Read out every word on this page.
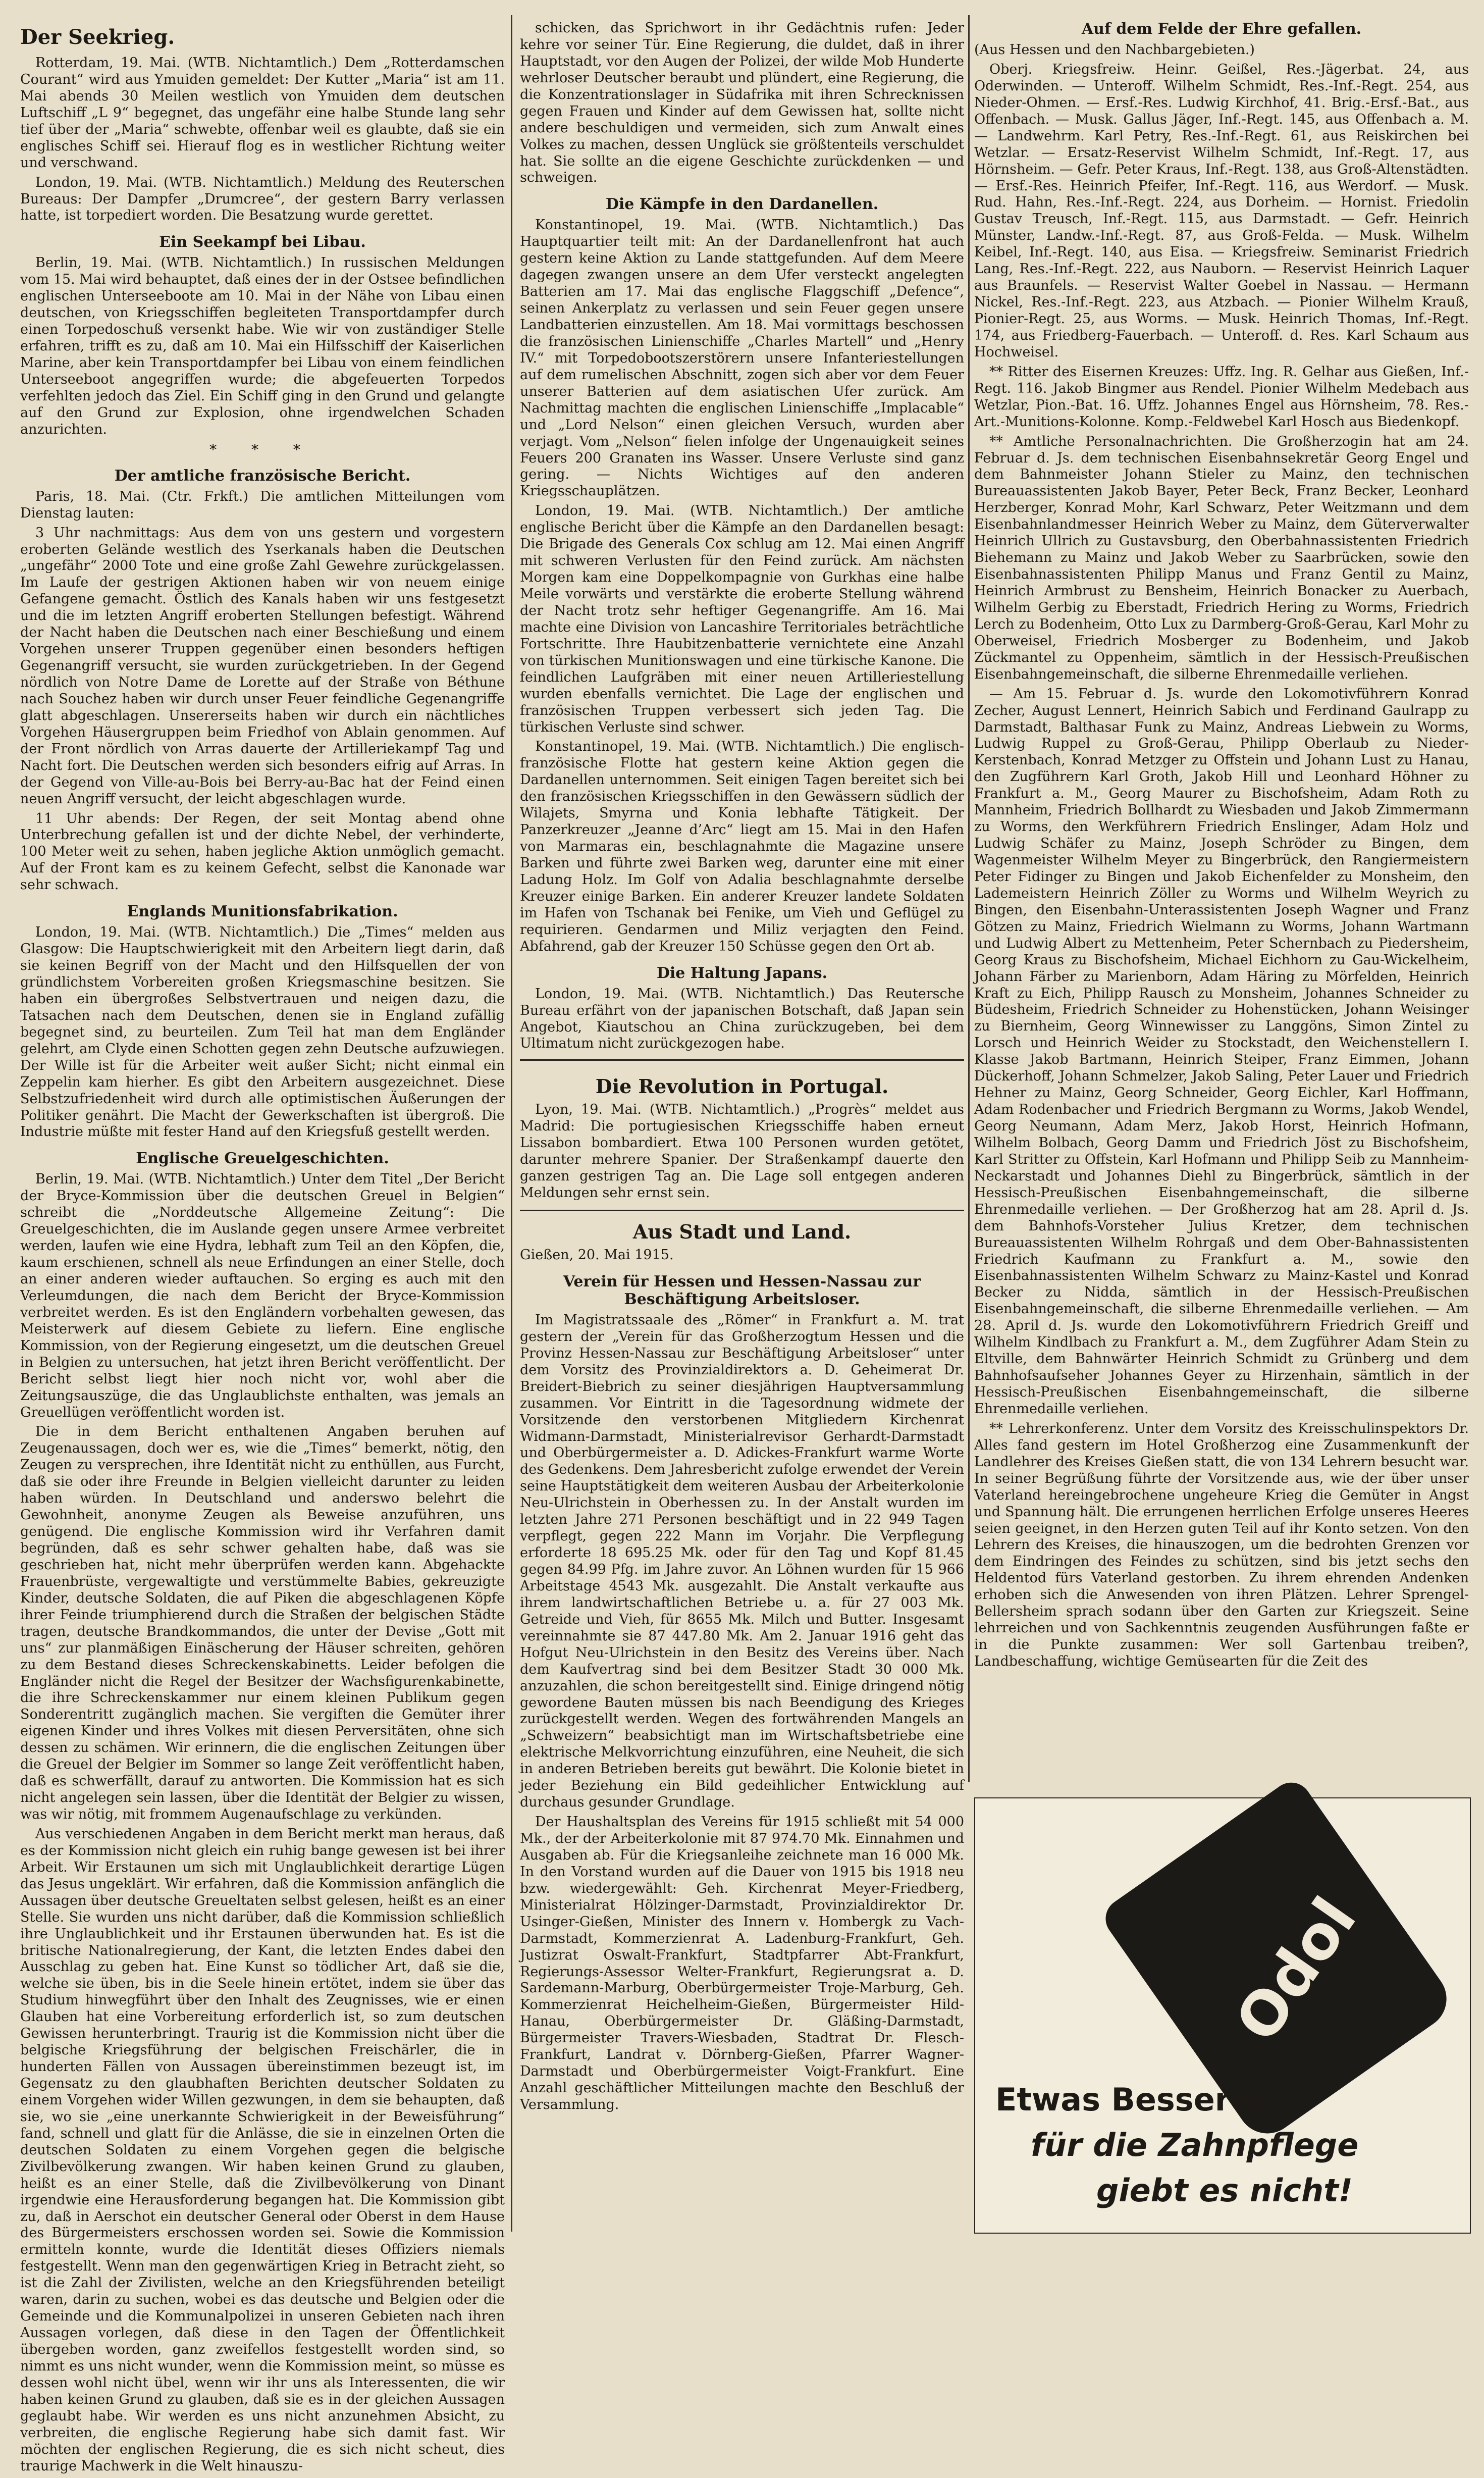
Der Seekrieg.

Rotterdam, 19. Mai. (WTB. Nichtamtlich.) Dem „Rotterdamschen Courant“ wird aus Ymuiden gemeldet: Der Kutter „Maria“ ist am 11. Mai abends 30 Meilen westlich von Ymuiden dem deutschen Luftschiff „L 9“ begegnet, das ungefähr eine halbe Stunde lang sehr tief über der „Maria“ schwebte, offenbar weil es glaubte, daß sie ein englisches Schiff sei. Hierauf flog es in westlicher Richtung weiter und verschwand.

London, 19. Mai. (WTB. Nichtamtlich.) Meldung des Reuterschen Bureaus: Der Dampfer „Drumcree“, der gestern Barry verlassen hatte, ist torpediert worden. Die Besatzung wurde gerettet.

Ein Seekampf bei Libau.

Berlin, 19. Mai. (WTB. Nichtamtlich.) In russischen Meldungen vom 15. Mai wird behauptet, daß eines der in der Ostsee befindlichen englischen Unterseeboote am 10. Mai in der Nähe von Libau einen deutschen, von Kriegsschiffen begleiteten Transportdampfer durch einen Torpedoschuß versenkt habe. Wie wir von zuständiger Stelle erfahren, trifft es zu, daß am 10. Mai ein Hilfsschiff der Kaiserlichen Marine, aber kein Transportdampfer bei Libau von einem feindlichen Unterseeboot angegriffen wurde; die abgefeuerten Torpedos verfehlten jedoch das Ziel. Ein Schiff ging in den Grund und gelangte auf den Grund zur Explosion, ohne irgendwelchen Schaden anzurichten.

* * *
Der amtliche französische Bericht.

Paris, 18. Mai. (Ctr. Frkft.) Die amtlichen Mitteilungen vom Dienstag lauten:

3 Uhr nachmittags: Aus dem von uns gestern und vorgestern eroberten Gelände westlich des Yserkanals haben die Deutschen „ungefähr“ 2000 Tote und eine große Zahl Gewehre zurückgelassen. Im Laufe der gestrigen Aktionen haben wir von neuem einige Gefangene gemacht. Östlich des Kanals haben wir uns festgesetzt und die im letzten Angriff eroberten Stellungen befestigt. Während der Nacht haben die Deutschen nach einer Beschießung und einem Vorgehen unserer Truppen gegenüber einen besonders heftigen Gegenangriff versucht, sie wurden zurückgetrieben. In der Gegend nördlich von Notre Dame de Lorette auf der Straße von Béthune nach Souchez haben wir durch unser Feuer feindliche Gegenangriffe glatt abgeschlagen. Unsererseits haben wir durch ein nächtliches Vorgehen Häusergruppen beim Friedhof von Ablain genommen. Auf der Front nördlich von Arras dauerte der Artilleriekampf Tag und Nacht fort. Die Deutschen werden sich besonders eifrig auf Arras. In der Gegend von Ville-au-Bois bei Berry-au-Bac hat der Feind einen neuen Angriff versucht, der leicht abgeschlagen wurde.

11 Uhr abends: Der Regen, der seit Montag abend ohne Unterbrechung gefallen ist und der dichte Nebel, der verhinderte, 100 Meter weit zu sehen, haben jegliche Aktion unmöglich gemacht. Auf der Front kam es zu keinem Gefecht, selbst die Kanonade war sehr schwach.

Englands Munitionsfabrikation.

London, 19. Mai. (WTB. Nichtamtlich.) Die „Times“ melden aus Glasgow: Die Hauptschwierigkeit mit den Arbeitern liegt darin, daß sie keinen Begriff von der Macht und den Hilfsquellen der von gründlichstem Vorbereiten großen Kriegsmaschine besitzen. Sie haben ein übergroßes Selbstvertrauen und neigen dazu, die Tatsachen nach dem Deutschen, denen sie in England zufällig begegnet sind, zu beurteilen. Zum Teil hat man dem Engländer gelehrt, am Clyde einen Schotten gegen zehn Deutsche aufzuwiegen. Der Wille ist für die Arbeiter weit außer Sicht; nicht einmal ein Zeppelin kam hierher. Es gibt den Arbeitern ausgezeichnet. Diese Selbstzufriedenheit wird durch alle optimistischen Äußerungen der Politiker genährt. Die Macht der Gewerkschaften ist übergroß. Die Industrie müßte mit fester Hand auf den Kriegsfuß gestellt werden.

Englische Greuelgeschichten.

Berlin, 19. Mai. (WTB. Nichtamtlich.) Unter dem Titel „Der Bericht der Bryce-Kommission über die deutschen Greuel in Belgien“ schreibt die „Norddeutsche Allgemeine Zeitung“: Die Greuelgeschichten, die im Auslande gegen unsere Armee verbreitet werden, laufen wie eine Hydra, lebhaft zum Teil an den Köpfen, die, kaum erschienen, schnell als neue Erfindungen an einer Stelle, doch an einer anderen wieder auftauchen. So erging es auch mit den Verleumdungen, die nach dem Bericht der Bryce-Kommission verbreitet werden. Es ist den Engländern vorbehalten gewesen, das Meisterwerk auf diesem Gebiete zu liefern. Eine englische Kommission, von der Regierung eingesetzt, um die deutschen Greuel in Belgien zu untersuchen, hat jetzt ihren Bericht veröffentlicht. Der Bericht selbst liegt hier noch nicht vor, wohl aber die Zeitungsauszüge, die das Unglaublichste enthalten, was jemals an Greuellügen veröffentlicht worden ist.

Die in dem Bericht enthaltenen Angaben beruhen auf Zeugenaussagen, doch wer es, wie die „Times“ bemerkt, nötig, den Zeugen zu versprechen, ihre Identität nicht zu enthüllen, aus Furcht, daß sie oder ihre Freunde in Belgien vielleicht darunter zu leiden haben würden. In Deutschland und anderswo belehrt die Gewohnheit, anonyme Zeugen als Beweise anzuführen, uns genügend. Die englische Kommission wird ihr Verfahren damit begründen, daß es sehr schwer gehalten habe, daß was sie geschrieben hat, nicht mehr überprüfen werden kann. Abgehackte Frauenbrüste, vergewaltigte und verstümmelte Babies, gekreuzigte Kinder, deutsche Soldaten, die auf Piken die abgeschlagenen Köpfe ihrer Feinde triumphierend durch die Straßen der belgischen Städte tragen, deutsche Brandkommandos, die unter der Devise „Gott mit uns“ zur planmäßigen Einäscherung der Häuser schreiten, gehören zu dem Bestand dieses Schreckenskabinetts. Leider befolgen die Engländer nicht die Regel der Besitzer der Wachsfigurenkabinette, die ihre Schreckenskammer nur einem kleinen Publikum gegen Sonderentritt zugänglich machen. Sie vergiften die Gemüter ihrer eigenen Kinder und ihres Volkes mit diesen Perversitäten, ohne sich dessen zu schämen. Wir erinnern, die die englischen Zeitungen über die Greuel der Belgier im Sommer so lange Zeit veröffentlicht haben, daß es schwerfällt, darauf zu antworten. Die Kommission hat es sich nicht angelegen sein lassen, über die Identität der Belgier zu wissen, was wir nötig, mit frommem Augenaufschlage zu verkünden.

Aus verschiedenen Angaben in dem Bericht merkt man heraus, daß es der Kommission nicht gleich ein ruhig bange gewesen ist bei ihrer Arbeit. Wir Erstaunen um sich mit Unglaublichkeit derartige Lügen das Jesus ungeklärt. Wir erfahren, daß die Kommission anfänglich die Aussagen über deutsche Greueltaten selbst gelesen, heißt es an einer Stelle. Sie wurden uns nicht darüber, daß die Kommission schließlich ihre Unglaublichkeit und ihr Erstaunen überwunden hat. Es ist die britische Nationalregierung, der Kant, die letzten Endes dabei den Ausschlag zu geben hat. Eine Kunst so tödlicher Art, daß sie die, welche sie üben, bis in die Seele hinein ertötet, indem sie über das Studium hinwegführt über den Inhalt des Zeugnisses, wie er einen Glauben hat eine Vorbereitung erforderlich ist, so zum deutschen Gewissen herunterbringt. Traurig ist die Kommission nicht über die belgische Kriegsführung der belgischen Freischärler, die in hunderten Fällen von Aussagen übereinstimmen bezeugt ist, im Gegensatz zu den glaubhaften Berichten deutscher Soldaten zu einem Vorgehen wider Willen gezwungen, in dem sie behaupten, daß sie, wo sie „eine unerkannte Schwierigkeit in der Beweisführung“ fand, schnell und glatt für die Anlässe, die sie in einzelnen Orten die deutschen Soldaten zu einem Vorgehen gegen die belgische Zivilbevölkerung zwangen. Wir haben keinen Grund zu glauben, heißt es an einer Stelle, daß die Zivilbevölkerung von Dinant irgendwie eine Herausforderung begangen hat. Die Kommission gibt zu, daß in Aerschot ein deutscher General oder Oberst in dem Hause des Bürgermeisters erschossen worden sei. Sowie die Kommission ermitteln konnte, wurde die Identität dieses Offiziers niemals festgestellt. Wenn man den gegenwärtigen Krieg in Betracht zieht, so ist die Zahl der Zivilisten, welche an den Kriegsführenden beteiligt waren, darin zu suchen, wobei es das deutsche und Belgien oder die Gemeinde und die Kommunalpolizei in unseren Gebieten nach ihren Aussagen vorlegen, daß diese in den Tagen der Öffentlichkeit übergeben worden, ganz zweifellos festgestellt worden sind, so nimmt es uns nicht wunder, wenn die Kommission meint, so müsse es dessen wohl nicht übel, wenn wir ihr uns als Interessenten, die wir haben keinen Grund zu glauben, daß sie es in der gleichen Aussagen geglaubt habe. Wir werden es uns nicht anzunehmen Absicht, zu verbreiten, die englische Regierung habe sich damit fast. Wir möchten der englischen Regierung, die es sich nicht scheut, dies traurige Machwerk in die Welt hinauszu-

schicken, das Sprichwort in ihr Gedächtnis rufen: Jeder kehre vor seiner Tür. Eine Regierung, die duldet, daß in ihrer Hauptstadt, vor den Augen der Polizei, der wilde Mob Hunderte wehrloser Deutscher beraubt und plündert, eine Regierung, die die Konzentrationslager in Südafrika mit ihren Schrecknissen gegen Frauen und Kinder auf dem Gewissen hat, sollte nicht andere beschuldigen und vermeiden, sich zum Anwalt eines Volkes zu machen, dessen Unglück sie größtenteils verschuldet hat. Sie sollte an die eigene Geschichte zurückdenken — und schweigen.

Die Kämpfe in den Dardanellen.

Konstantinopel, 19. Mai. (WTB. Nichtamtlich.) Das Hauptquartier teilt mit: An der Dardanellenfront hat auch gestern keine Aktion zu Lande stattgefunden. Auf dem Meere dagegen zwangen unsere an dem Ufer versteckt angelegten Batterien am 17. Mai das englische Flaggschiff „Defence“, seinen Ankerplatz zu verlassen und sein Feuer gegen unsere Landbatterien einzustellen. Am 18. Mai vormittags beschossen die französischen Linienschiffe „Charles Martell“ und „Henry IV.“ mit Torpedobootszerstörern unsere Infanteriestellungen auf dem rumelischen Abschnitt, zogen sich aber vor dem Feuer unserer Batterien auf dem asiatischen Ufer zurück. Am Nachmittag machten die englischen Linienschiffe „Implacable“ und „Lord Nelson“ einen gleichen Versuch, wurden aber verjagt. Vom „Nelson“ fielen infolge der Ungenauigkeit seines Feuers 200 Granaten ins Wasser. Unsere Verluste sind ganz gering. — Nichts Wichtiges auf den anderen Kriegsschauplätzen.

London, 19. Mai. (WTB. Nichtamtlich.) Der amtliche englische Bericht über die Kämpfe an den Dardanellen besagt: Die Brigade des Generals Cox schlug am 12. Mai einen Angriff mit schweren Verlusten für den Feind zurück. Am nächsten Morgen kam eine Doppelkompagnie von Gurkhas eine halbe Meile vorwärts und verstärkte die eroberte Stellung während der Nacht trotz sehr heftiger Gegenangriffe. Am 16. Mai machte eine Division von Lancashire Territoriales beträchtliche Fortschritte. Ihre Haubitzenbatterie vernichtete eine Anzahl von türkischen Munitionswagen und eine türkische Kanone. Die feindlichen Laufgräben mit einer neuen Artilleriestellung wurden ebenfalls vernichtet. Die Lage der englischen und französischen Truppen verbessert sich jeden Tag. Die türkischen Verluste sind schwer.

Konstantinopel, 19. Mai. (WTB. Nichtamtlich.) Die englisch-französische Flotte hat gestern keine Aktion gegen die Dardanellen unternommen. Seit einigen Tagen bereitet sich bei den französischen Kriegsschiffen in den Gewässern südlich der Wilajets, Smyrna und Konia lebhafte Tätigkeit. Der Panzerkreuzer „Jeanne d’Arc“ liegt am 15. Mai in den Hafen von Marmaras ein, beschlagnahmte die Magazine unsere Barken und führte zwei Barken weg, darunter eine mit einer Ladung Holz. Im Golf von Adalia beschlagnahmte derselbe Kreuzer einige Barken. Ein anderer Kreuzer landete Soldaten im Hafen von Tschanak bei Fenike, um Vieh und Geflügel zu requirieren. Gendarmen und Miliz verjagten den Feind. Abfahrend, gab der Kreuzer 150 Schüsse gegen den Ort ab.

Die Haltung Japans.

London, 19. Mai. (WTB. Nichtamtlich.) Das Reutersche Bureau erfährt von der japanischen Botschaft, daß Japan sein Angebot, Kiautschou an China zurückzugeben, bei dem Ultimatum nicht zurückgezogen habe.

Die Revolution in Portugal.

Lyon, 19. Mai. (WTB. Nichtamtlich.) „Progrès“ meldet aus Madrid: Die portugiesischen Kriegsschiffe haben erneut Lissabon bombardiert. Etwa 100 Personen wurden getötet, darunter mehrere Spanier. Der Straßenkampf dauerte den ganzen gestrigen Tag an. Die Lage soll entgegen anderen Meldungen sehr ernst sein.

Aus Stadt und Land.

Gießen, 20. Mai 1915.

Verein für Hessen und Hessen-Nassau zur Beschäftigung Arbeitsloser.

Im Magistratssaale des „Römer“ in Frankfurt a. M. trat gestern der „Verein für das Großherzogtum Hessen und die Provinz Hessen-Nassau zur Beschäftigung Arbeitsloser“ unter dem Vorsitz des Provinzialdirektors a. D. Geheimerat Dr. Breidert-Biebrich zu seiner diesjährigen Hauptversammlung zusammen. Vor Eintritt in die Tagesordnung widmete der Vorsitzende den verstorbenen Mitgliedern Kirchenrat Widmann-Darmstadt, Ministerialrevisor Gerhardt-Darmstadt und Oberbürgermeister a. D. Adickes-Frankfurt warme Worte des Gedenkens. Dem Jahresbericht zufolge erwendet der Verein seine Hauptstätigkeit dem weiteren Ausbau der Arbeiterkolonie Neu-Ulrichstein in Oberhessen zu. In der Anstalt wurden im letzten Jahre 271 Personen beschäftigt und in 22 949 Tagen verpflegt, gegen 222 Mann im Vorjahr. Die Verpflegung erforderte 18 695.25 Mk. oder für den Tag und Kopf 81.45 gegen 84.99 Pfg. im Jahre zuvor. An Löhnen wurden für 15 966 Arbeitstage 4543 Mk. ausgezahlt. Die Anstalt verkaufte aus ihrem landwirtschaftlichen Betriebe u. a. für 27 003 Mk. Getreide und Vieh, für 8655 Mk. Milch und Butter. Insgesamt vereinnahmte sie 87 447.80 Mk. Am 2. Januar 1916 geht das Hofgut Neu-Ulrichstein in den Besitz des Vereins über. Nach dem Kaufvertrag sind bei dem Besitzer Stadt 30 000 Mk. anzuzahlen, die schon bereitgestellt sind. Einige dringend nötig gewordene Bauten müssen bis nach Beendigung des Krieges zurückgestellt werden. Wegen des fortwährenden Mangels an „Schweizern“ beabsichtigt man im Wirtschaftsbetriebe eine elektrische Melkvorrichtung einzuführen, eine Neuheit, die sich in anderen Betrieben bereits gut bewährt. Die Kolonie bietet in jeder Beziehung ein Bild gedeihlicher Entwicklung auf durchaus gesunder Grundlage.

Der Haushaltsplan des Vereins für 1915 schließt mit 54 000 Mk., der der Arbeiterkolonie mit 87 974.70 Mk. Einnahmen und Ausgaben ab. Für die Kriegsanleihe zeichnete man 16 000 Mk. In den Vorstand wurden auf die Dauer von 1915 bis 1918 neu bzw. wiedergewählt: Geh. Kirchenrat Meyer-Friedberg, Ministerialrat Hölzinger-Darmstadt, Provinzialdirektor Dr. Usinger-Gießen, Minister des Innern v. Hombergk zu Vach-Darmstadt, Kommerzienrat A. Ladenburg-Frankfurt, Geh. Justizrat Oswalt-Frankfurt, Stadtpfarrer Abt-Frankfurt, Regierungs-Assessor Welter-Frankfurt, Regierungsrat a. D. Sardemann-Marburg, Oberbürgermeister Troje-Marburg, Geh. Kommerzienrat Heichelheim-Gießen, Bürgermeister Hild-Hanau, Oberbürgermeister Dr. Gläßing-Darmstadt, Bürgermeister Travers-Wiesbaden, Stadtrat Dr. Flesch-Frankfurt, Landrat v. Dörnberg-Gießen, Pfarrer Wagner-Darmstadt und Oberbürgermeister Voigt-Frankfurt. Eine Anzahl geschäftlicher Mitteilungen machte den Beschluß der Versammlung.

Auf dem Felde der Ehre gefallen.

(Aus Hessen und den Nachbargebieten.)

Oberj. Kriegsfreiw. Heinr. Geißel, Res.-Jägerbat. 24, aus Oderwinden. — Unteroff. Wilhelm Schmidt, Res.-Inf.-Regt. 254, aus Nieder-Ohmen. — Ersf.-Res. Ludwig Kirchhof, 41. Brig.-Ersf.-Bat., aus Offenbach. — Musk. Gallus Jäger, Inf.-Regt. 145, aus Offenbach a. M. — Landwehrm. Karl Petry, Res.-Inf.-Regt. 61, aus Reiskirchen bei Wetzlar. — Ersatz-Reservist Wilhelm Schmidt, Inf.-Regt. 17, aus Hörnsheim. — Gefr. Peter Kraus, Inf.-Regt. 138, aus Groß-Altenstädten. — Ersf.-Res. Heinrich Pfeifer, Inf.-Regt. 116, aus Werdorf. — Musk. Rud. Hahn, Res.-Inf.-Regt. 224, aus Dorheim. — Hornist. Friedolin Gustav Treusch, Inf.-Regt. 115, aus Darmstadt. — Gefr. Heinrich Münster, Landw.-Inf.-Regt. 87, aus Groß-Felda. — Musk. Wilhelm Keibel, Inf.-Regt. 140, aus Eisa. — Kriegsfreiw. Seminarist Friedrich Lang, Res.-Inf.-Regt. 222, aus Nauborn. — Reservist Heinrich Laquer aus Braunfels. — Reservist Walter Goebel in Nassau. — Hermann Nickel, Res.-Inf.-Regt. 223, aus Atzbach. — Pionier Wilhelm Krauß, Pionier-Regt. 25, aus Worms. — Musk. Heinrich Thomas, Inf.-Regt. 174, aus Friedberg-Fauerbach. — Unteroff. d. Res. Karl Schaum aus Hochweisel.

** Ritter des Eisernen Kreuzes: Uffz. Ing. R. Gelhar aus Gießen, Inf.-Regt. 116. Jakob Bingmer aus Rendel. Pionier Wilhelm Medebach aus Wetzlar, Pion.-Bat. 16. Uffz. Johannes Engel aus Hörnsheim, 78. Res.-Art.-Munitions-Kolonne. Komp.-Feldwebel Karl Hosch aus Biedenkopf.

** Amtliche Personalnachrichten. Die Großherzogin hat am 24. Februar d. Js. dem technischen Eisenbahnsekretär Georg Engel und dem Bahnmeister Johann Stieler zu Mainz, den technischen Bureauassistenten Jakob Bayer, Peter Beck, Franz Becker, Leonhard Herzberger, Konrad Mohr, Karl Schwarz, Peter Weitzmann und dem Eisenbahnlandmesser Heinrich Weber zu Mainz, dem Güterverwalter Heinrich Ullrich zu Gustavsburg, den Oberbahnassistenten Friedrich Biehemann zu Mainz und Jakob Weber zu Saarbrücken, sowie den Eisenbahnassistenten Philipp Manus und Franz Gentil zu Mainz, Heinrich Armbrust zu Bensheim, Heinrich Bonacker zu Auerbach, Wilhelm Gerbig zu Eberstadt, Friedrich Hering zu Worms, Friedrich Lerch zu Bodenheim, Otto Lux zu Darmberg-Groß-Gerau, Karl Mohr zu Oberweisel, Friedrich Mosberger zu Bodenheim, und Jakob Zückmantel zu Oppenheim, sämtlich in der Hessisch-Preußischen Eisenbahngemeinschaft, die silberne Ehrenmedaille verliehen.

— Am 15. Februar d. Js. wurde den Lokomotivführern Konrad Zecher, August Lennert, Heinrich Sabich und Ferdinand Gaulrapp zu Darmstadt, Balthasar Funk zu Mainz, Andreas Liebwein zu Worms, Ludwig Ruppel zu Groß-Gerau, Philipp Oberlaub zu Nieder-Kerstenbach, Konrad Metzger zu Offstein und Johann Lust zu Hanau, den Zugführern Karl Groth, Jakob Hill und Leonhard Höhner zu Frankfurt a. M., Georg Maurer zu Bischofsheim, Adam Roth zu Mannheim, Friedrich Bollhardt zu Wiesbaden und Jakob Zimmermann zu Worms, den Werkführern Friedrich Enslinger, Adam Holz und Ludwig Schäfer zu Mainz, Joseph Schröder zu Bingen, dem Wagenmeister Wilhelm Meyer zu Bingerbrück, den Rangiermeistern Peter Fidinger zu Bingen und Jakob Eichenfelder zu Monsheim, den Lademeistern Heinrich Zöller zu Worms und Wilhelm Weyrich zu Bingen, den Eisenbahn-Unterassistenten Joseph Wagner und Franz Götzen zu Mainz, Friedrich Wielmann zu Worms, Johann Wartmann und Ludwig Albert zu Mettenheim, Peter Schernbach zu Piedersheim, Georg Kraus zu Bischofsheim, Michael Eichhorn zu Gau-Wickelheim, Johann Färber zu Marienborn, Adam Häring zu Mörfelden, Heinrich Kraft zu Eich, Philipp Rausch zu Monsheim, Johannes Schneider zu Büdesheim, Friedrich Schneider zu Hohenstücken, Johann Weisinger zu Biernheim, Georg Winnewisser zu Langgöns, Simon Zintel zu Lorsch und Heinrich Weider zu Stockstadt, den Weichenstellern I. Klasse Jakob Bartmann, Heinrich Steiper, Franz Eimmen, Johann Dückerhoff, Johann Schmelzer, Jakob Saling, Peter Lauer und Friedrich Hehner zu Mainz, Georg Schneider, Georg Eichler, Karl Hoffmann, Adam Rodenbacher und Friedrich Bergmann zu Worms, Jakob Wendel, Georg Neumann, Adam Merz, Jakob Horst, Heinrich Hofmann, Wilhelm Bolbach, Georg Damm und Friedrich Jöst zu Bischofsheim, Karl Stritter zu Offstein, Karl Hofmann und Philipp Seib zu Mannheim-Neckarstadt und Johannes Diehl zu Bingerbrück, sämtlich in der Hessisch-Preußischen Eisenbahngemeinschaft, die silberne Ehrenmedaille verliehen. — Der Großherzog hat am 28. April d. Js. dem Bahnhofs-Vorsteher Julius Kretzer, dem technischen Bureauassistenten Wilhelm Rohrgaß und dem Ober-Bahnassistenten Friedrich Kaufmann zu Frankfurt a. M., sowie den Eisenbahnassistenten Wilhelm Schwarz zu Mainz-Kastel und Konrad Becker zu Nidda, sämtlich in der Hessisch-Preußischen Eisenbahngemeinschaft, die silberne Ehrenmedaille verliehen. — Am 28. April d. Js. wurde den Lokomotivführern Friedrich Greiff und Wilhelm Kindlbach zu Frankfurt a. M., dem Zugführer Adam Stein zu Eltville, dem Bahnwärter Heinrich Schmidt zu Grünberg und dem Bahnhofsaufseher Johannes Geyer zu Hirzenhain, sämtlich in der Hessisch-Preußischen Eisenbahngemeinschaft, die silberne Ehrenmedaille verliehen.

** Lehrerkonferenz. Unter dem Vorsitz des Kreisschulinspektors Dr. Alles fand gestern im Hotel Großherzog eine Zusammenkunft der Landlehrer des Kreises Gießen statt, die von 134 Lehrern besucht war. In seiner Begrüßung führte der Vorsitzende aus, wie der über unser Vaterland hereingebrochene ungeheure Krieg die Gemüter in Angst und Spannung hält. Die errungenen herrlichen Erfolge unseres Heeres seien geeignet, in den Herzen guten Teil auf ihr Konto setzen. Von den Lehrern des Kreises, die hinauszogen, um die bedrohten Grenzen vor dem Eindringen des Feindes zu schützen, sind bis jetzt sechs den Heldentod fürs Vaterland gestorben. Zu ihrem ehrenden Andenken erhoben sich die Anwesenden von ihren Plätzen. Lehrer Sprengel-Bellersheim sprach sodann über den Garten zur Kriegszeit. Seine lehrreichen und von Sachkenntnis zeugenden Ausführungen faßte er in die Punkte zusammen: Wer soll Gartenbau treiben?, Landbeschaffung, wichtige Gemüsearten für die Zeit des

Odol
Etwas Besseres
für die Zahnpflege
giebt es nicht!
